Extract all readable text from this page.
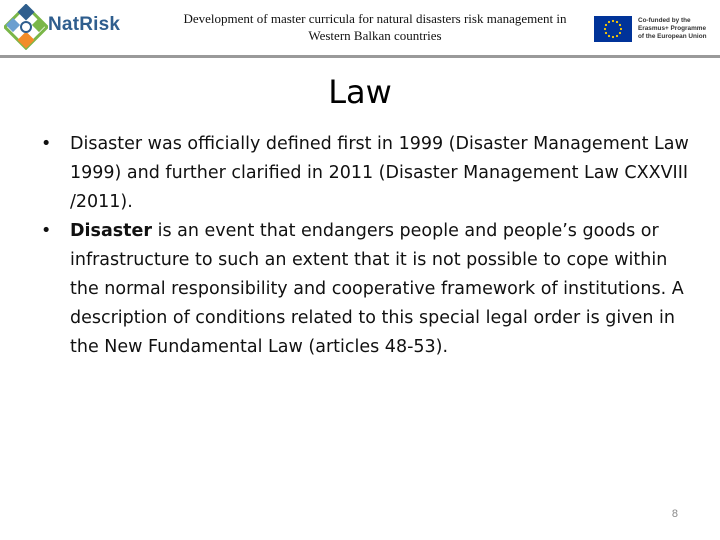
NatRisk	Development of master curricula for natural disasters risk management in
Western Balkan countries
Co-funded by the
Erasmus+ Programme
of the European Union
Law
• Disaster was officially defined first in 1999 (Disaster Management Law 1999) and further clarified in 2011 (Disaster Management Law CXXVIII /2011).
• Disaster is an event that endangers people and people’s goods or infrastructure to such an extent that it is not possible to cope within the normal responsibility and cooperative framework of institutions. A description of conditions related to this special legal order is given in the New Fundamental Law (articles 48-53).
8
